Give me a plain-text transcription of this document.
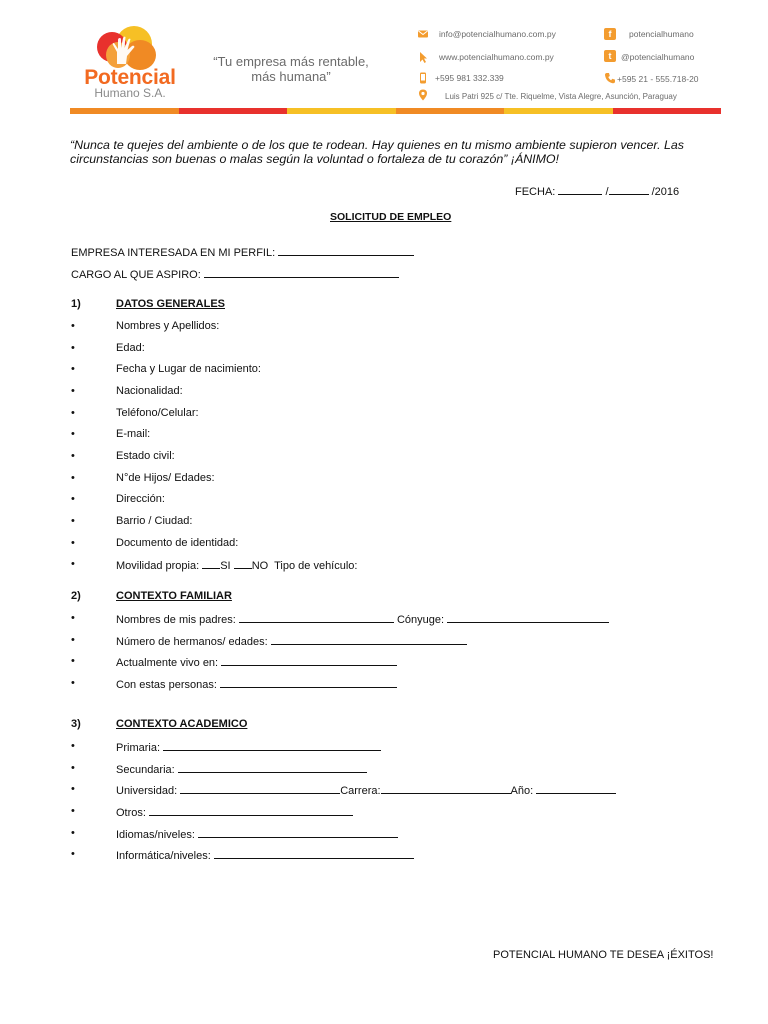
Potencial
Humano S.A.
“Tu empresa más rentable,
más humana”
info@potencialhumano.com.py
www.potencialhumano.com.py
+595 981 332.339
Luis Patri 925 c/ Tte. Riquelme, Vista Alegre, Asunción, Paraguay
f	potencialhumano
t	@potencialhumano
+595 21 - 555.718-20
“Nunca te quejes del ambiente o de los que te rodean. Hay quienes en tu mismo ambiente supieron vencer. Las circunstancias son buenas o malas según la voluntad o fortaleza de tu corazón” ¡ÁNIMO!
FECHA:	/	/2016
SOLICITUD DE EMPLEO
EMPRESA INTERESADA EN MI PERFIL:
CARGO AL QUE ASPIRO:
1)	DATOS GENERALES
•	Nombres y Apellidos:
•	Edad:
•	Fecha y Lugar de nacimiento:
•	Nacionalidad:
•	Teléfono/Celular:
•	E-mail:
•	Estado civil:
•	N°de Hijos/ Edades:
•	Dirección:
•	Barrio / Ciudad:
•	Documento de identidad:
•	Movilidad propia: SI NO Tipo de vehículo:
2)	CONTEXTO FAMILIAR
•	Nombres de mis padres:	Cónyuge:
•	Número de hermanos/ edades:
•	Actualmente vivo en:
•	Con estas personas:
3)	CONTEXTO ACADEMICO
•	Primaria:
•	Secundaria:
•	Universidad:	Carrera:	Año:
•	Otros:
•	Idiomas/niveles:
•	Informática/niveles:
POTENCIAL HUMANO TE DESEA ¡ÉXITOS!
